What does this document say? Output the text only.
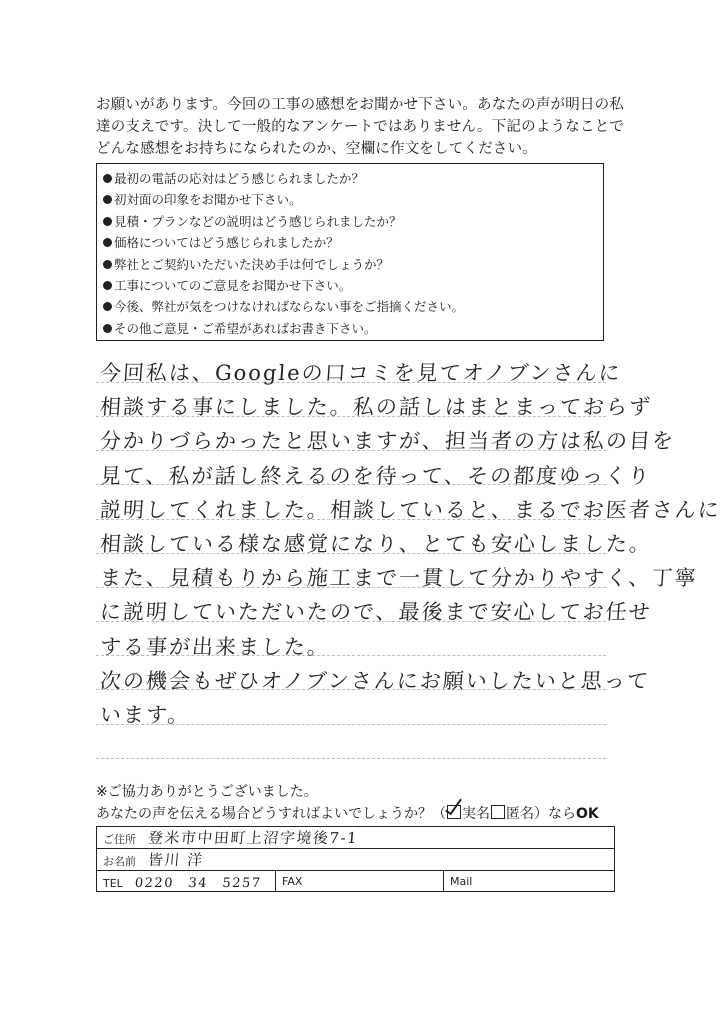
お願いがあります。今回の工事の感想をお聞かせ下さい。あなたの声が明日の私
達の支えです。決して一般的なアンケートではありません。下記のようなことで
どんな感想をお持ちになられたのか、空欄に作文をしてください。
最初の電話の応対はどう感じられましたか？
初対面の印象をお聞かせ下さい。
見積・プランなどの説明はどう感じられましたか？
価格についてはどう感じられましたか？
弊社とご契約いただいた決め手は何でしょうか？
工事についてのご意見をお聞かせ下さい。
今後、弊社が気をつけなければならない事をご指摘ください。
その他ご意見・ご希望があればお書き下さい。
今回私は、Googleの口コミを見てオノブンさんに
相談する事にしました。私の話しはまとまっておらず
分かりづらかったと思いますが、担当者の方は私の目を
見て、私が話し終えるのを待って、その都度ゆっくり
説明してくれました。相談していると、まるでお医者さんに
相談している様な感覚になり、とても安心しました。
また、見積もりから施工まで一貫して分かりやすく、丁寧
に説明していただいたので、最後まで安心してお任せ
する事が出来ました。
次の機会もぜひオノブンさんにお願いしたいと思って
います。
※ご協力ありがとうございました。
あなたの声を伝える場合どうすればよいでしょうか？（ 実名 匿名）ならOK
ご住所 登米市中田町上沼字境後7-1
お名前 皆川 洋
TEL 0220　34　5257	FAX	Mail
